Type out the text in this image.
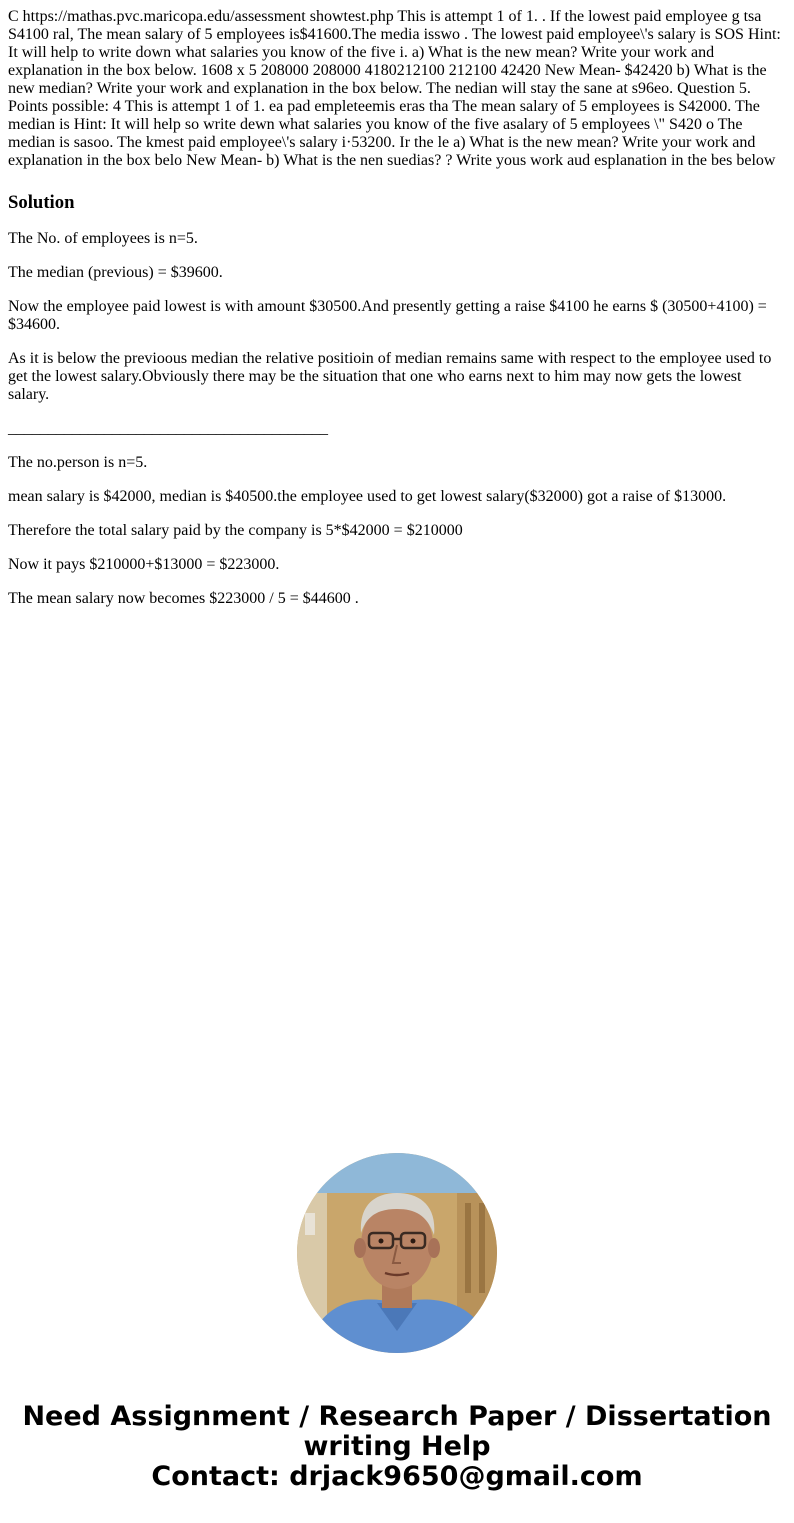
C https://mathas.pvc.maricopa.edu/assessment showtest.php This is attempt 1 of 1. . If the lowest paid employee g tsa S4100 ral, The mean salary of 5 employees is$41600.The media isswo . The lowest paid employee\'s salary is SOS Hint: It will help to write down what salaries you know of the five i. a) What is the new mean? Write your work and explanation in the box below. 1608 x 5 208000 208000 4180212100 212100 42420 New Mean- $42420 b) What is the new median? Write your work and explanation in the box below. The nedian will stay the sane at s96eo. Question 5. Points possible: 4 This is attempt 1 of 1. ea pad empleteemis eras tha The mean salary of 5 employees is S42000. The median is Hint: It will help so write dewn what salaries you know of the five asalary of 5 employees \" S420 o The median is sasoo. The kmest paid employee\'s salary i·53200. Ir the le a) What is the new mean? Write your work and explanation in the box belo New Mean- b) What is the nen suedias? ? Write yous work aud esplanation in the bes below

Solution

The No. of employees is n=5.

The median (previous) = $39600.

Now the employee paid lowest is with amount $30500.And presently getting a raise $4100 he earns $ (30500+4100) = $34600.

As it is below the previoous median the relative positioin of median remains same with respect to the employee used to get the lowest salary.Obviously there may be the situation that one who earns next to him may now gets the lowest salary.

________________________________________

The no.person is n=5.

mean salary is $42000, median is $40500.the employee used to get lowest salary($32000) got a raise of $13000.

Therefore the total salary paid by the company is 5*$42000 = $210000

Now it pays $210000+$13000 = $223000.

The mean salary now becomes $223000 / 5 = $44600 .

Need Assignment / Research Paper / Dissertation
writing Help
Contact: drjack9650@gmail.com
